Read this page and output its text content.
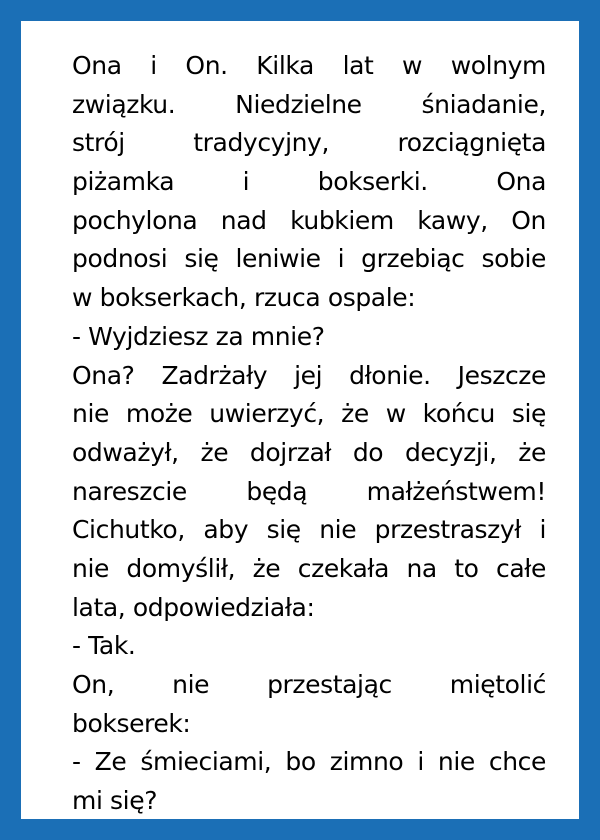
Ona i On. Kilka lat w wolnym
związku. Niedzielne śniadanie,
strój tradycyjny, rozciągnięta
piżamka i bokserki. Ona
pochylona nad kubkiem kawy, On
podnosi się leniwie i grzebiąc sobie
w bokserkach, rzuca ospale:
- Wyjdziesz za mnie?
Ona? Zadrżały jej dłonie. Jeszcze
nie może uwierzyć, że w końcu się
odważył, że dojrzał do decyzji, że
nareszcie będą małżeństwem!
Cichutko, aby się nie przestraszył i
nie domyślił, że czekała na to całe
lata, odpowiedziała:
- Tak.
On, nie przestając miętolić
bokserek:
- Ze śmieciami, bo zimno i nie chce
mi się?
